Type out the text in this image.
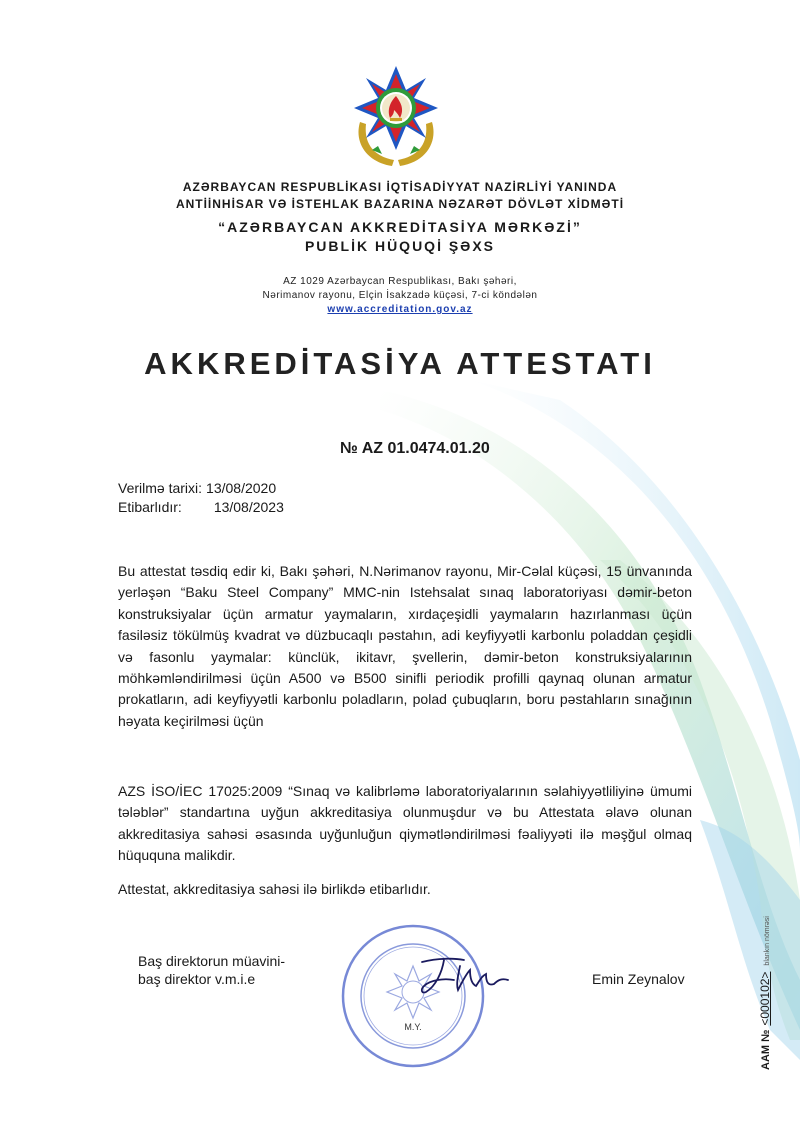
AZƏRBAYCAN RESPUBLİKASI İQTİSADİYYAT NAZİRLİYİ YANINDA
ANTİİNHİSAR VƏ İSTEHLAK BAZARINA NƏZARƏT DÖVLƏT XİDMƏTİ
“AZƏRBAYCAN AKKREDİTASİYA MƏRKƏZİ”
PUBLİK HÜQUQİ ŞƏXS
AZ 1029 Azərbaycan Respublikası, Bakı şəhəri,
Nərimanov rayonu, Elçin İsakzadə küçəsi, 7-ci köndələn
www.accreditation.gov.az
AKKREDİTASİYA ATTESTATI
№ AZ 01.0474.01.20
Verilmə tarixi: 13/08/2020
Etibarlıdır: 13/08/2023
Bu attestat təsdiq edir ki, Bakı şəhəri, N.Nərimanov rayonu, Mir-Cəlal küçəsi, 15 ünvanında yerləşən “Baku Steel Company” MMC-nin Istehsalat sınaq laboratoriyası dəmir-beton konstruksiyalar üçün armatur yaymaların, xırdaçeşidli yaymaların hazırlanması üçün fasiləsiz tökülmüş kvadrat və düzbucaqlı pəstahın, adi keyfiyyətli karbonlu poladdan çeşidli və fasonlu yaymalar: künclük, ikitavr, şvellerin, dəmir-beton konstruksiyalarının möhkəmləndirilməsi üçün A500 və B500 sinifli periodik profilli qaynaq olunan armatur prokatların, adi keyfiyyətli karbonlu poladların, polad çubuqların, boru pəstahların sınağının həyata keçirilməsi üçün
AZS İSO/İEC 17025:2009 “Sınaq və kalibrləmə laboratoriyalarının səlahiyyətliliyinə ümumi tələblər” standartına uyğun akkreditasiya olunmuşdur və bu Attestata əlavə olunan akkreditasiya sahəsi əsasında uyğunluğun qiymətləndirilməsi fəaliyyəti ilə məşğul olmaq hüququna malikdir.
Attestat, akkreditasiya sahəsi ilə birlikdə etibarlıdır.
Baş direktorun müavini-
baş direktor v.m.i.e
M.Y.
Emin Zeynalov
AAM №<000102>blankın nömrəsi
